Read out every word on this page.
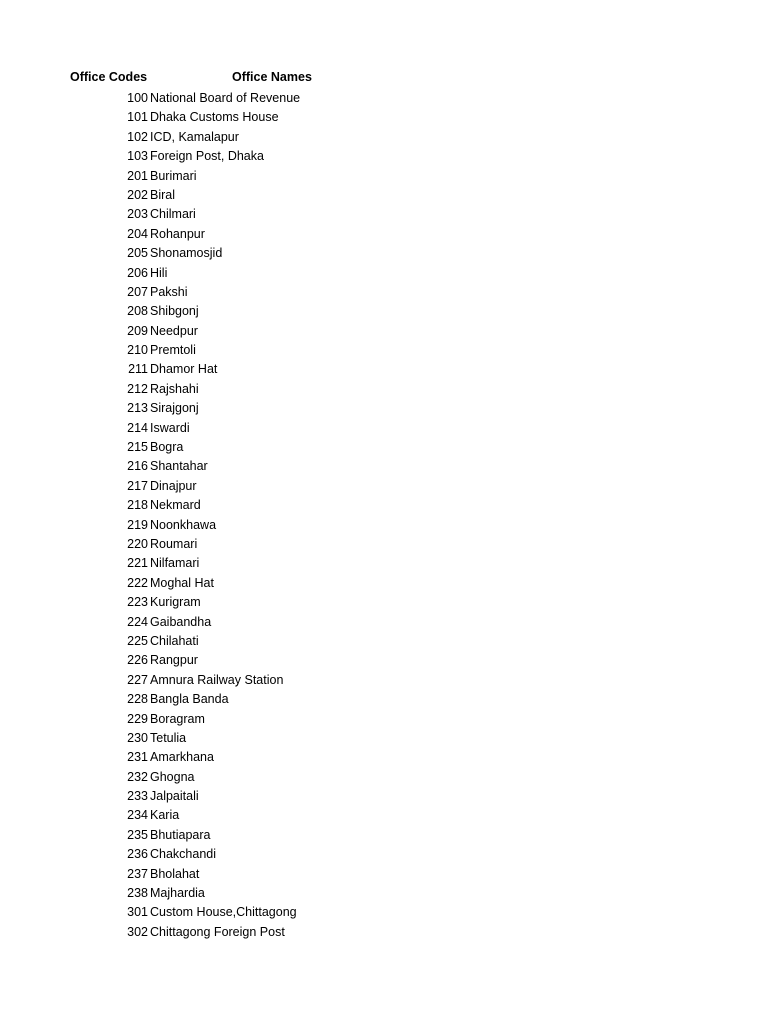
Office Codes	Office Names
100 National Board of Revenue
101 Dhaka Customs House
102 ICD, Kamalapur
103 Foreign Post, Dhaka
201 Burimari
202 Biral
203 Chilmari
204 Rohanpur
205 Shonamosjid
206 Hili
207 Pakshi
208 Shibgonj
209 Needpur
210 Premtoli
211 Dhamor Hat
212 Rajshahi
213 Sirajgonj
214 Iswardi
215 Bogra
216 Shantahar
217 Dinajpur
218 Nekmard
219 Noonkhawa
220 Roumari
221 Nilfamari
222 Moghal Hat
223 Kurigram
224 Gaibandha
225 Chilahati
226 Rangpur
227 Amnura Railway Station
228 Bangla Banda
229 Boragram
230 Tetulia
231 Amarkhana
232 Ghogna
233 Jalpaitali
234 Karia
235 Bhutiapara
236 Chakchandi
237 Bholahat
238 Majhardia
301 Custom House,Chittagong
302 Chittagong Foreign Post
